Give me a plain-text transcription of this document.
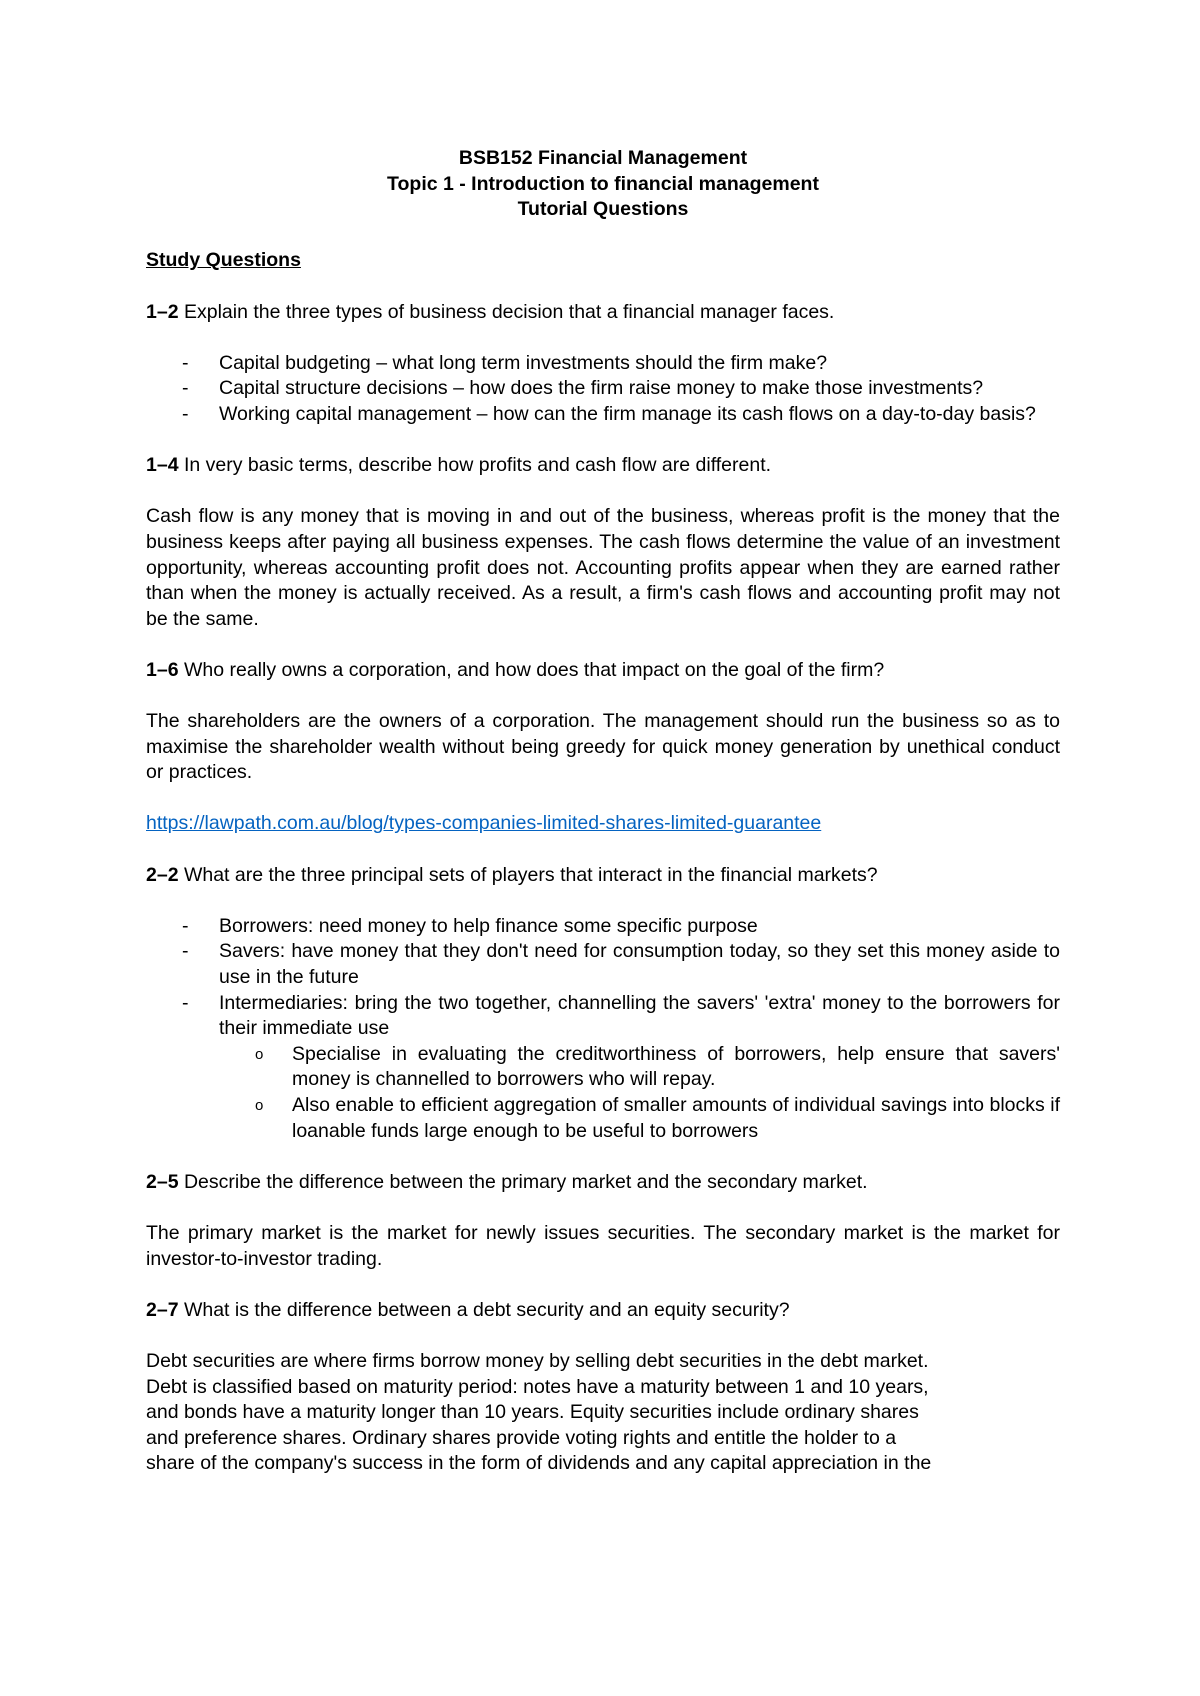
BSB152 Financial Management
Topic 1 - Introduction to financial management
Tutorial Questions
Study Questions

1–2 Explain the three types of business decision that a financial manager faces.

- Capital budgeting – what long term investments should the firm make?
- Capital structure decisions – how does the firm raise money to make those investments?
- Working capital management – how can the firm manage its cash flows on a day-to-day basis?

1–4 In very basic terms, describe how profits and cash flow are different.

Cash flow is any money that is moving in and out of the business, whereas profit is the money that the business keeps after paying all business expenses. The cash flows determine the value of an investment opportunity, whereas accounting profit does not. Accounting profits appear when they are earned rather than when the money is actually received. As a result, a firm's cash flows and accounting profit may not be the same.

1–6 Who really owns a corporation, and how does that impact on the goal of the firm?

The shareholders are the owners of a corporation. The management should run the business so as to maximise the shareholder wealth without being greedy for quick money generation by unethical conduct or practices.

https://lawpath.com.au/blog/types-companies-limited-shares-limited-guarantee

2–2 What are the three principal sets of players that interact in the financial markets?

- Borrowers: need money to help finance some specific purpose
- Savers: have money that they don't need for consumption today, so they set this money aside to use in the future
- Intermediaries: bring the two together, channelling the savers' 'extra' money to the borrowers for their immediate use
o Specialise in evaluating the creditworthiness of borrowers, help ensure that savers' money is channelled to borrowers who will repay.
o Also enable to efficient aggregation of smaller amounts of individual savings into blocks if loanable funds large enough to be useful to borrowers

2–5 Describe the difference between the primary market and the secondary market.

The primary market is the market for newly issues securities. The secondary market is the market for investor-to-investor trading.

2–7 What is the difference between a debt security and an equity security?

Debt securities are where firms borrow money by selling debt securities in the debt market.
Debt is classified based on maturity period: notes have a maturity between 1 and 10 years,
and bonds have a maturity longer than 10 years. Equity securities include ordinary shares
and preference shares. Ordinary shares provide voting rights and entitle the holder to a
share of the company's success in the form of dividends and any capital appreciation in the
